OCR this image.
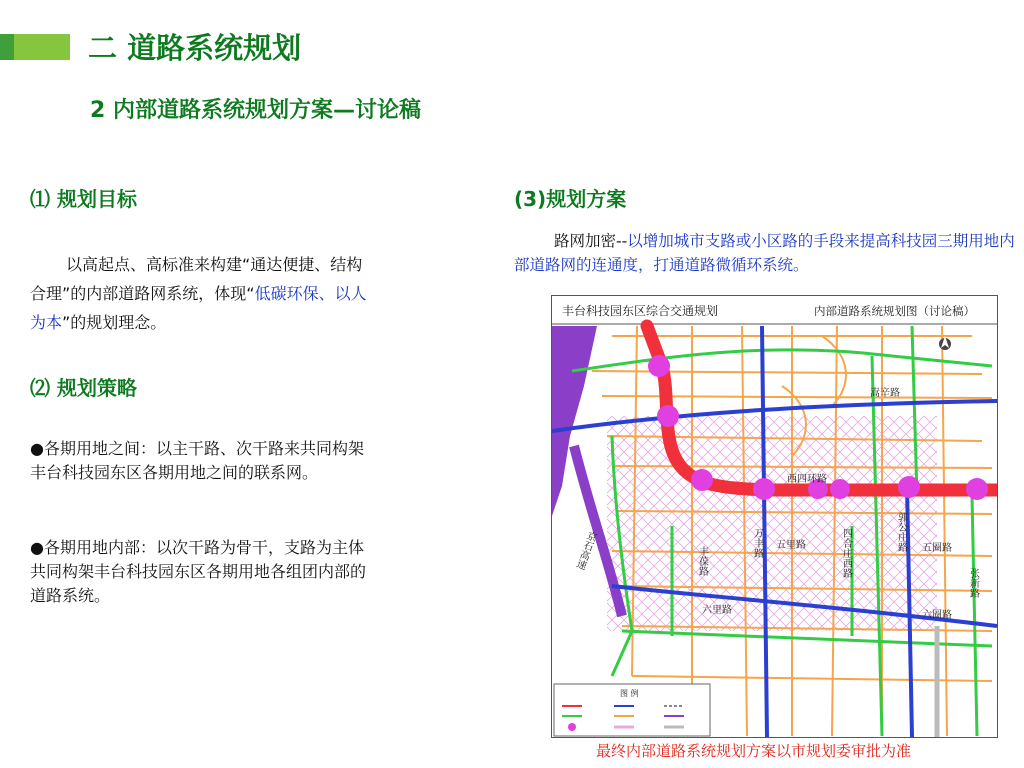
二 道路系统规划
2 内部道路系统规划方案—讨论稿
⑴ 规划目标
以高起点、高标准来构建“通达便捷、结构合理”的内部道路网系统，体现“低碳环保、以人为本”的规划理念。
⑵ 规划策略
●各期用地之间：以主干路、次干路来共同构架丰台科技园东区各期用地之间的联系网。
●各期用地内部：以次干路为骨干，支路为主体共同构架丰台科技园东区各期用地各组团内部的道路系统。
(3)规划方案
路网加密--以增加城市支路或小区路的手段来提高科技园三期用地内部道路网的连通度，打通道路微循环系统。
丰台科技园东区综合交通规划	内部道路系统规划图（讨论稿）
嵩辛路
西四环路
丰葆路
万丰路 五里路	四合庄西路	郭公庄路 五圈路
六里路	六圈路
张新路
京石高速
图 例
最终内部道路系统规划方案以市规划委审批为准
